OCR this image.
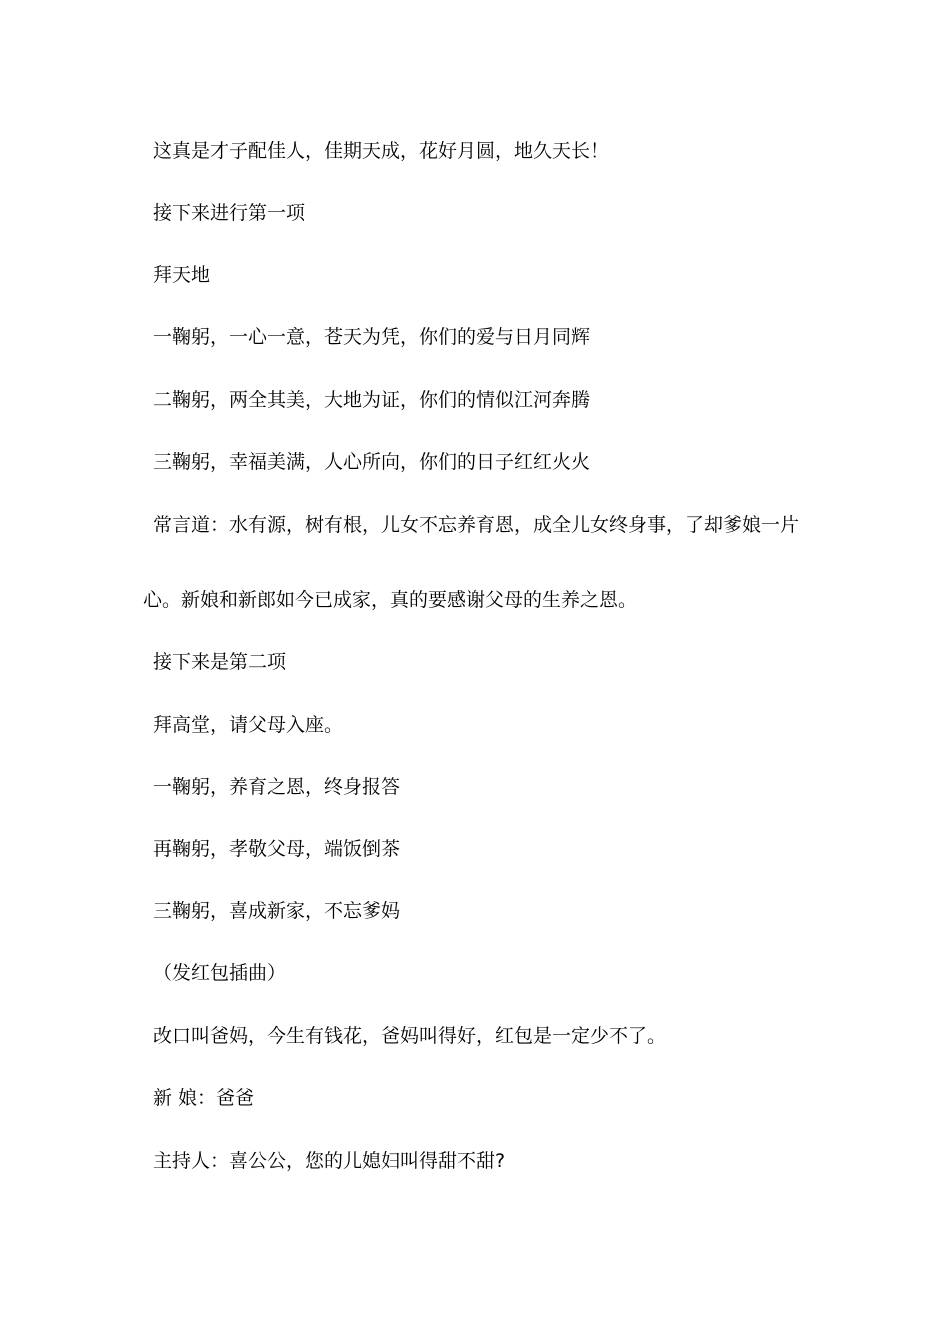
这真是才子配佳人，佳期天成，花好月圆，地久天长！
接下来进行第一项
拜天地
一鞠躬，一心一意，苍天为凭，你们的爱与日月同辉
二鞠躬，两全其美，大地为证，你们的情似江河奔腾
三鞠躬，幸福美满，人心所向，你们的日子红红火火
常言道：水有源，树有根，儿女不忘养育恩，成全儿女终身事，了却爹娘一片
心。新娘和新郎如今已成家，真的要感谢父母的生养之恩。
接下来是第二项
拜高堂，请父母入座。
一鞠躬，养育之恩，终身报答
再鞠躬，孝敬父母，端饭倒茶
三鞠躬，喜成新家，不忘爹妈
（发红包插曲）
改口叫爸妈，今生有钱花，爸妈叫得好，红包是一定少不了。
新 娘：爸爸
主持人：喜公公，您的儿媳妇叫得甜不甜?
